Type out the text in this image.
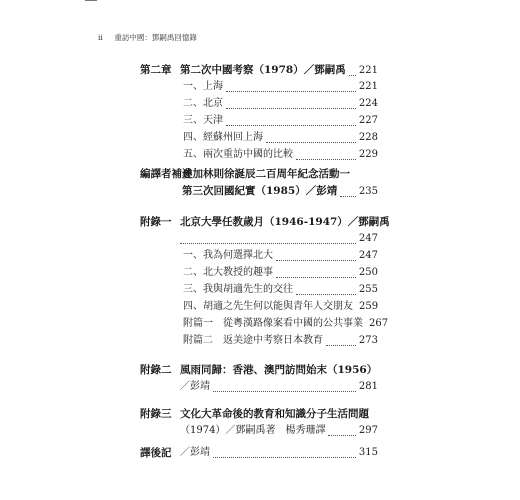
ii 重訪中國：鄧嗣禹回憶錄
第二章 第二次中國考察（1978）／鄧嗣禹 221
一、上海	221
二、北京	224
三、天津	227
四、經蘇州回上海	228
五、兩次重訪中國的比較	229
編譯者補述
參加林則徐誕辰二百周年紀念活動一
第三次回國紀實（1985）／彭靖 235
附錄一 北京大學任教歲月（1946-1947）／鄧嗣禹
247
一、我為何選擇北大	247
二、北大教授的趣事	250
三、我與胡適先生的交往	255
四、胡適之先生何以能與青年人交朋友 259
附篇一　從粵漢路像案看中國的公共事業 267
附篇二　返美途中考察日本教育	273
附錄二 風雨同歸：香港、澳門訪問始末（1956）
／彭靖	281
附錄三 文化大革命後的教育和知識分子生活問題
（1974）／鄧嗣禹著　楊秀珊譯	297
譯後記 ／彭靖	315
